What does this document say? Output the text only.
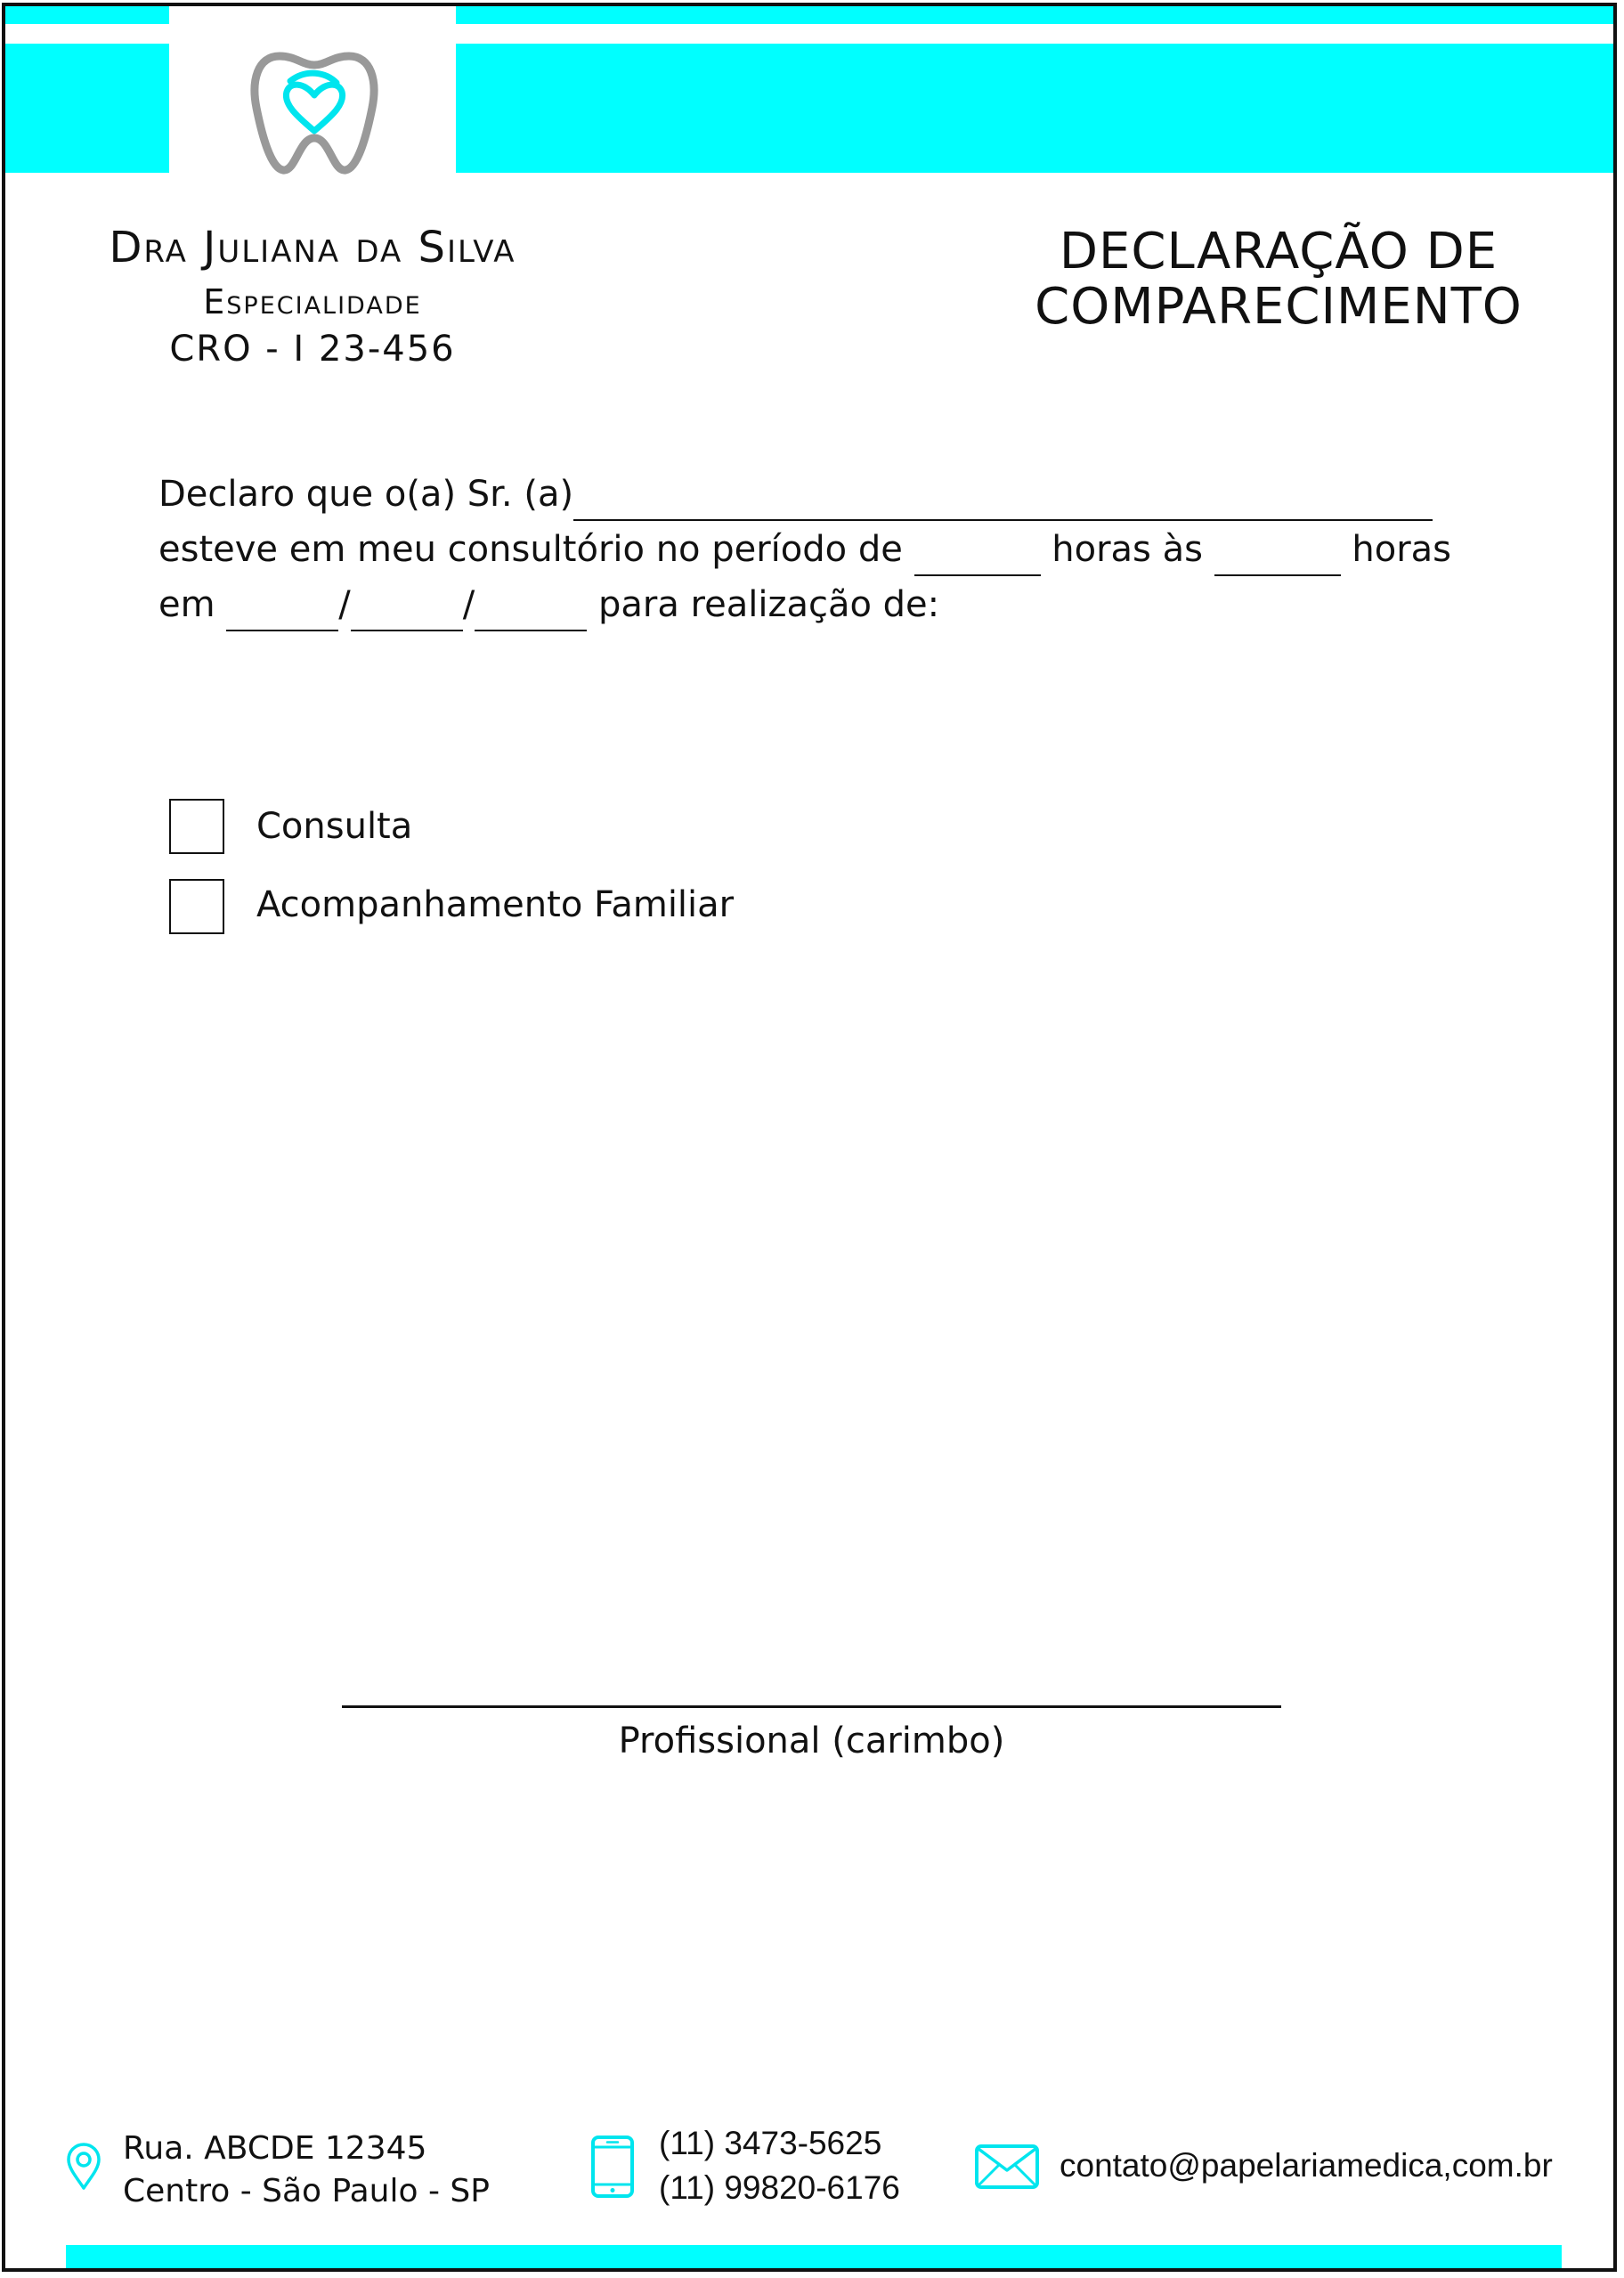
Dra Juliana da Silva
Especialidade
CRO - I 23-456
DECLARAÇÃO DE
COMPARECIMENTO
Declaro que o(a) Sr. (a)
esteve em meu consultório no período de	horas às	horas
em	/	/	para realização de:
Consulta
Acompanhamento Familiar
Profissional (carimbo)
Rua. ABCDE 12345
Centro - São Paulo - SP
(11) 3473-5625
(11) 99820-6176
contato@papelariamedica,com.br
